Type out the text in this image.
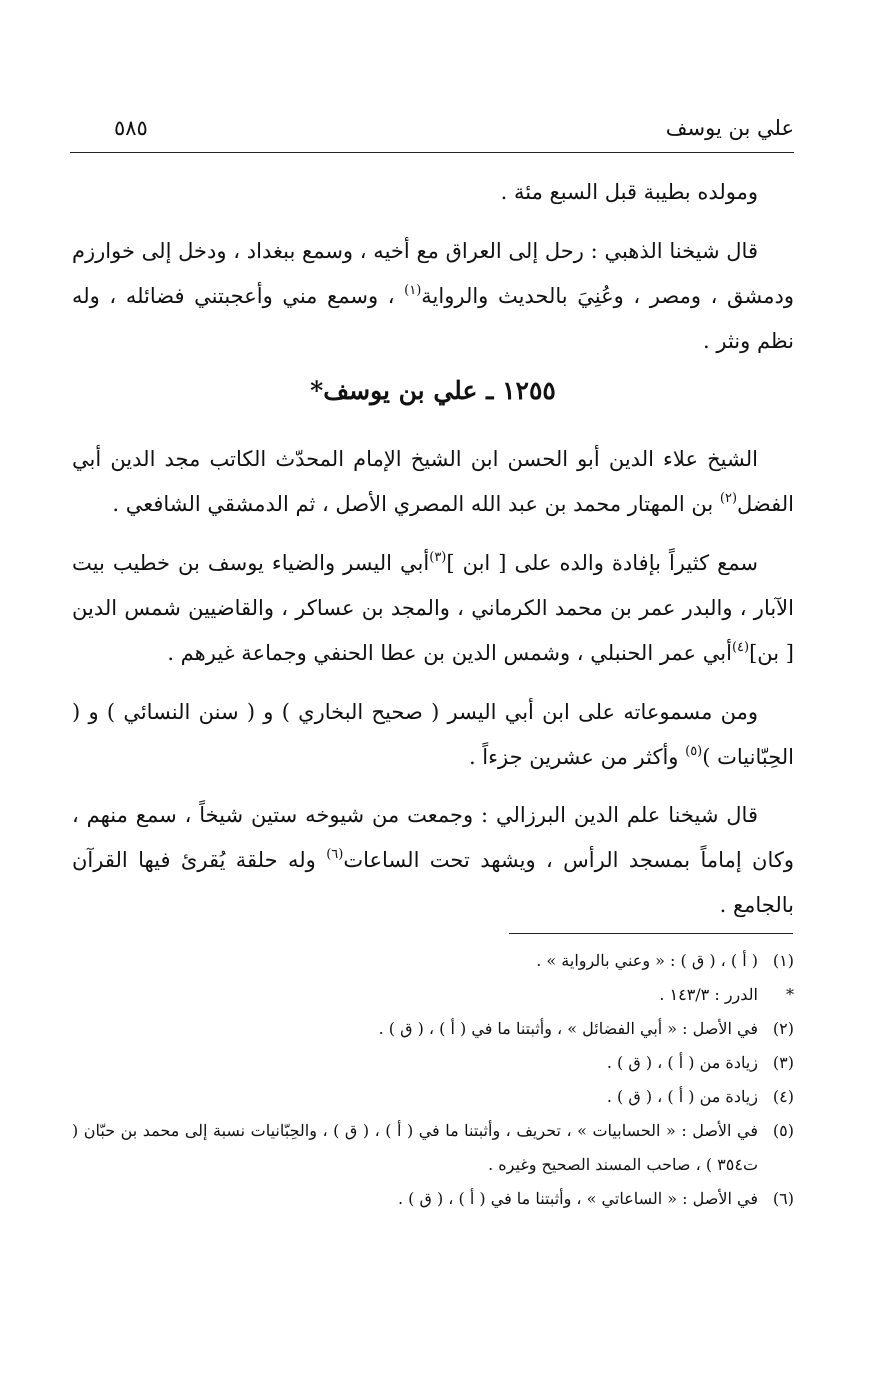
علي بن يوسف
٥٨٥

ومولده بطيبة قبل السبع مئة .

قال شيخنا الذهبي : رحل إلى العراق مع أخيه ، وسمع ببغداد ، ودخل إلى خوارزم ودمشق ، ومصر ، وعُنِيَ بالحديث والرواية$^{(١)}$ ، وسمع مني وأعجبتني فضائله ، وله نظم ونثر .

١٢٥٥ ـ علي بن يوسف*

الشيخ علاء الدين أبو الحسن ابن الشيخ الإمام المحدّث الكاتب مجد الدين أبي الفضل$^{(٢)}$ بن المهتار محمد بن عبد الله المصري الأصل ، ثم الدمشقي الشافعي .

سمع كثيراً بإفادة والده على [ ابن ]$^{(٣)}$أبي اليسر والضياء يوسف بن خطيب بيت الآبار ، والبدر عمر بن محمد الكرماني ، والمجد بن عساكر ، والقاضيين شمس الدين [ بن]$^{(٤)}$أبي عمر الحنبلي ، وشمس الدين بن عطا الحنفي وجماعة غيرهم .

ومن مسموعاته على ابن أبي اليسر ( صحيح البخاري ) و ( سنن النسائي ) و ( الحِبّانيات )$^{(٥)}$ وأكثر من عشرين جزءاً .

قال شيخنا علم الدين البرزالي : وجمعت من شيوخه ستين شيخاً ، سمع منهم ، وكان إماماً بمسجد الرأس ، ويشهد تحت الساعات$^{(٦)}$ وله حلقة يُقرئ فيها القرآن بالجامع .

(١)
( أ ) ، ( ق ) : « وعني بالرواية » .
*
الدرر : ١٤٣/٣ .
(٢)
في الأصل : « أبي الفضائل » ، وأثبتنا ما في ( أ ) ، ( ق ) .
(٣)
زيادة من ( أ ) ، ( ق ) .
(٤)
زيادة من ( أ ) ، ( ق ) .
(٥)
في الأصل : « الحسابيات » ، تحريف ، وأثبتنا ما في ( أ ) ، ( ق ) ، والحِبّانيات نسبة إلى محمد بن حبّان ( ت٣٥٤ ) ، صاحب المسند الصحيح وغيره .
(٦)
في الأصل : « الساعاتي » ، وأثبتنا ما في ( أ ) ، ( ق ) .
